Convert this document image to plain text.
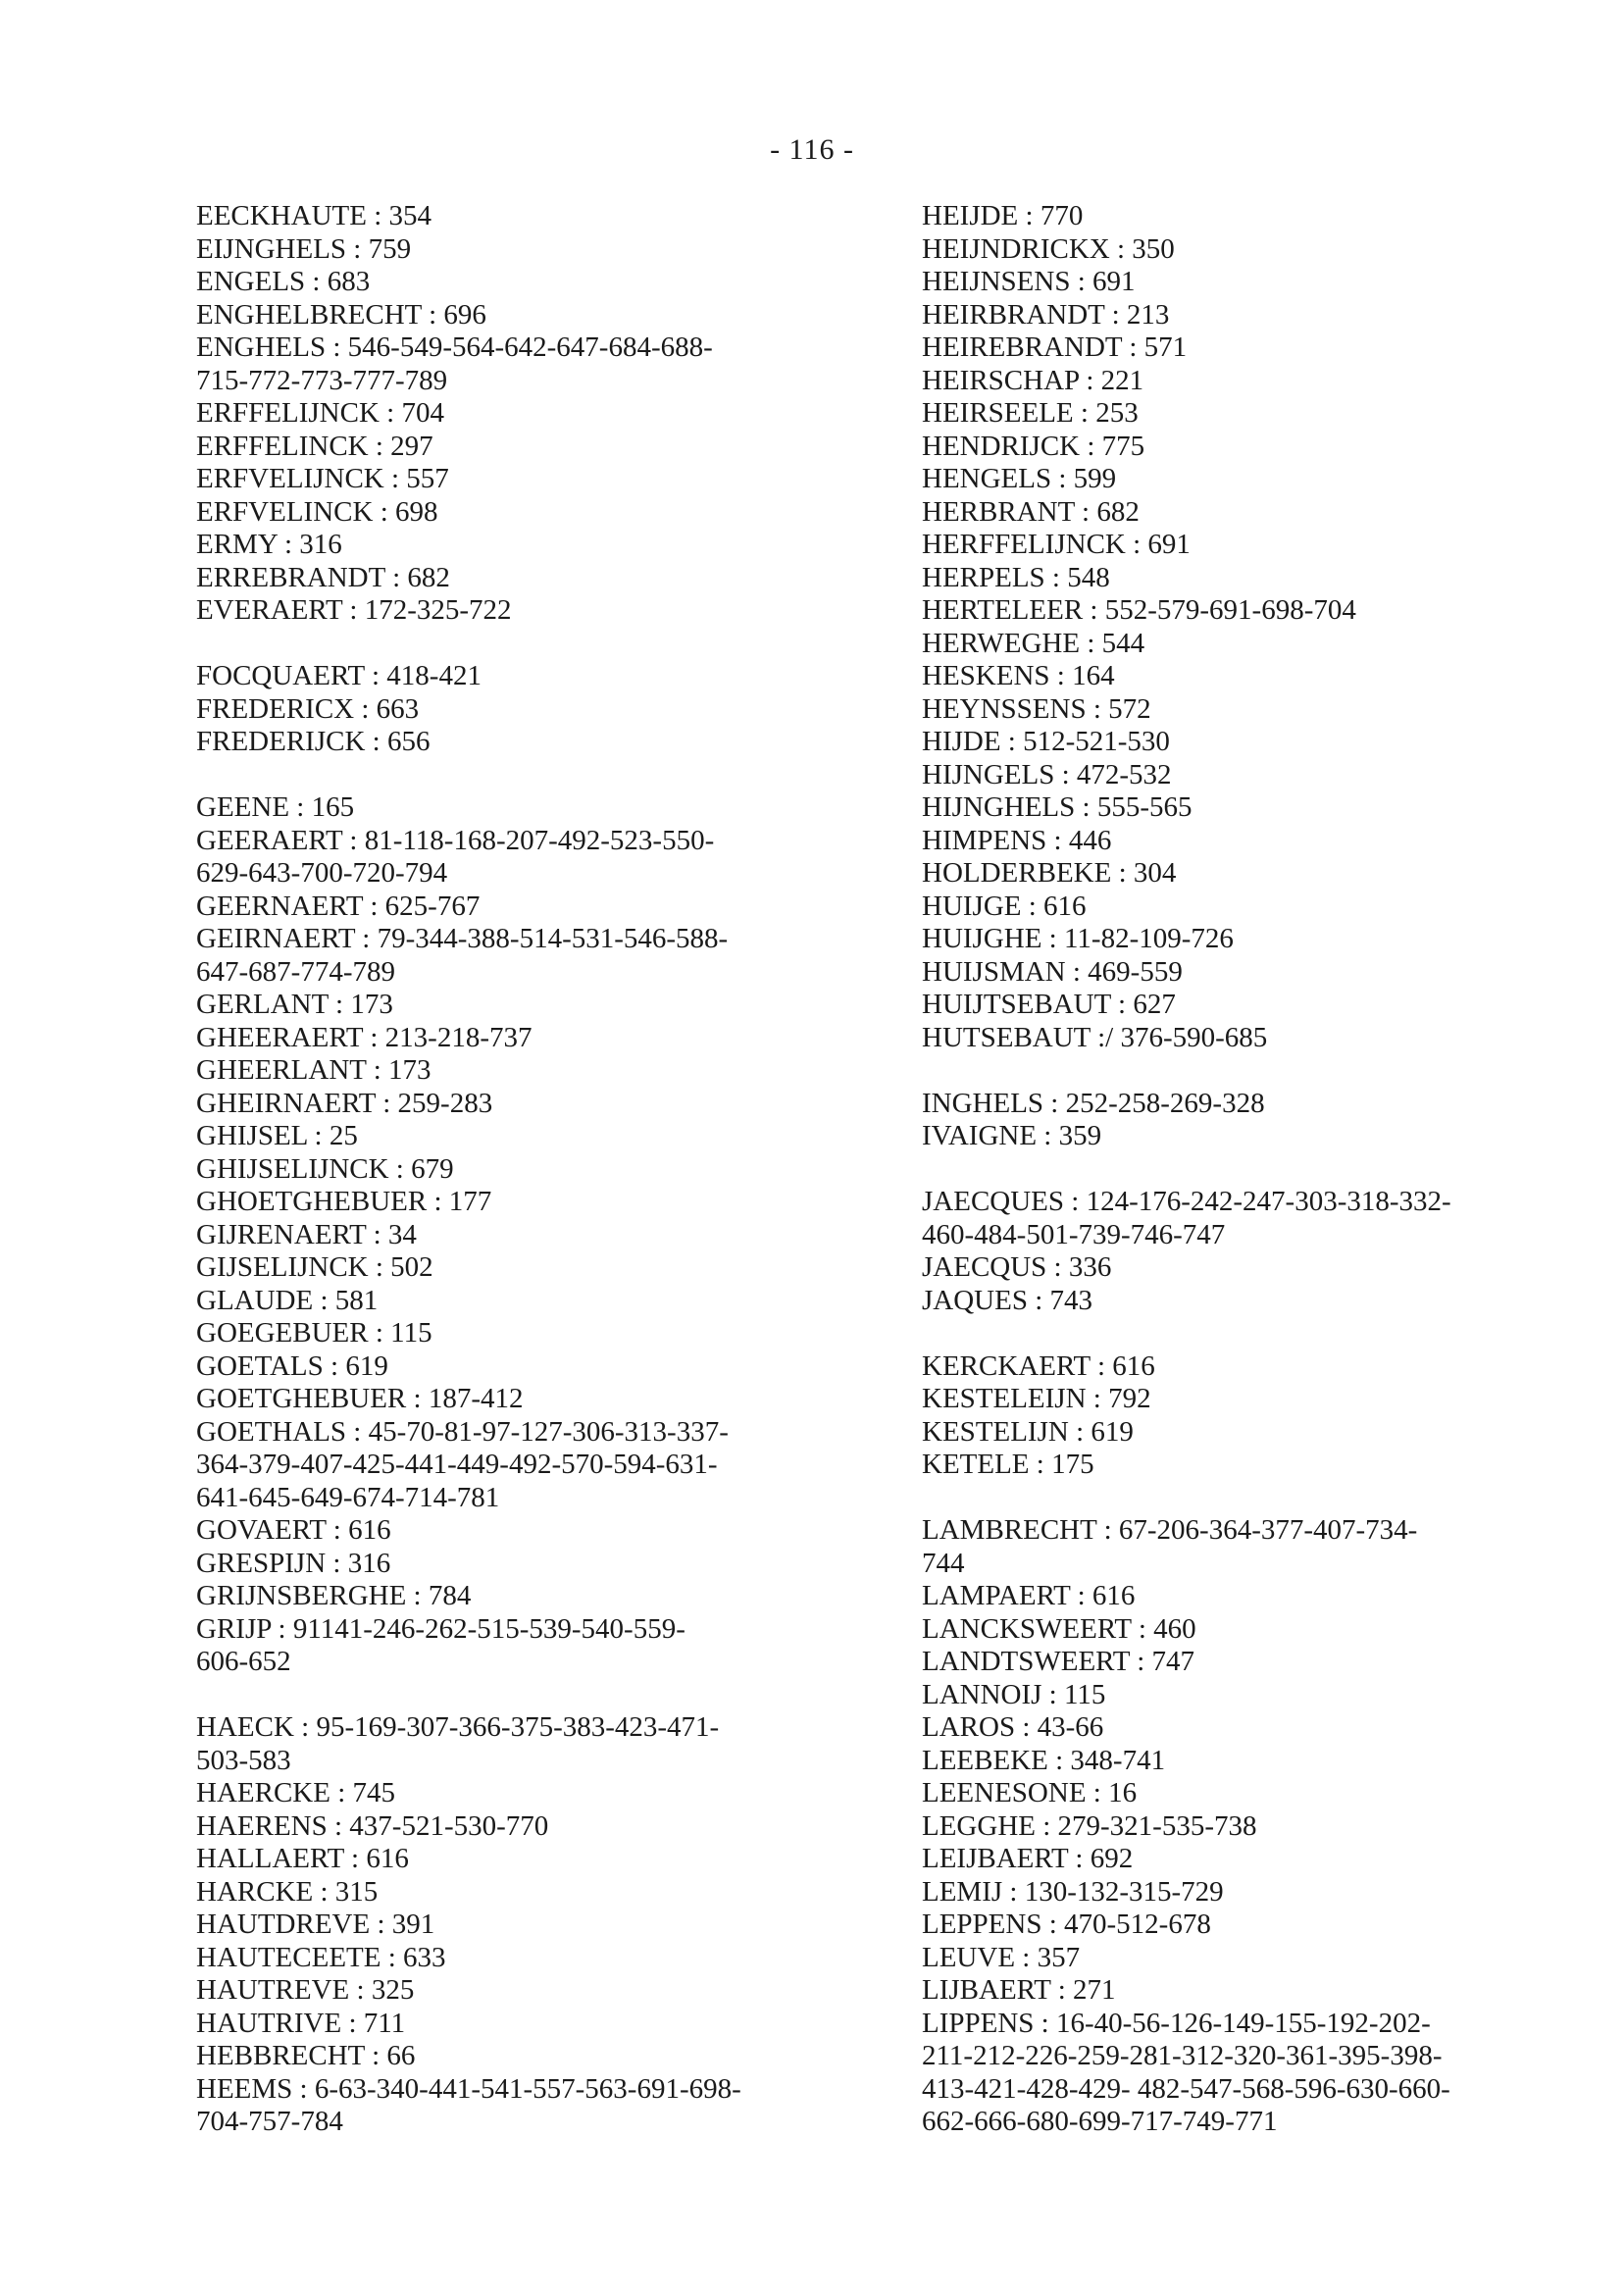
- 116 -
EECKHAUTE : 354
EIJNGHELS : 759
ENGELS : 683
ENGHELBRECHT : 696
ENGHELS : 546-549-564-642-647-684-688-
715-772-773-777-789
ERFFELIJNCK : 704
ERFFELINCK : 297
ERFVELIJNCK : 557
ERFVELINCK : 698
ERMY : 316
ERREBRANDT : 682
EVERAERT : 172-325-722
FOCQUAERT : 418-421
FREDERICX : 663
FREDERIJCK : 656
GEENE : 165
GEERAERT : 81-118-168-207-492-523-550-
629-643-700-720-794
GEERNAERT : 625-767
GEIRNAERT : 79-344-388-514-531-546-588-
647-687-774-789
GERLANT : 173
GHEERAERT : 213-218-737
GHEERLANT : 173
GHEIRNAERT : 259-283
GHIJSEL : 25
GHIJSELIJNCK : 679
GHOETGHEBUER : 177
GIJRENAERT : 34
GIJSELIJNCK : 502
GLAUDE : 581
GOEGEBUER : 115
GOETALS : 619
GOETGHEBUER : 187-412
GOETHALS : 45-70-81-97-127-306-313-337-
364-379-407-425-441-449-492-570-594-631-
641-645-649-674-714-781
GOVAERT : 616
GRESPIJN : 316
GRIJNSBERGHE : 784
GRIJP : 91141-246-262-515-539-540-559-
606-652
HAECK : 95-169-307-366-375-383-423-471-
503-583
HAERCKE : 745
HAERENS : 437-521-530-770
HALLAERT : 616
HARCKE : 315
HAUTDREVE : 391
HAUTECEETE : 633
HAUTREVE : 325
HAUTRIVE : 711
HEBBRECHT : 66
HEEMS : 6-63-340-441-541-557-563-691-698-
704-757-784
HEIJDE : 770
HEIJNDRICKX : 350
HEIJNSENS : 691
HEIRBRANDT : 213
HEIREBRANDT : 571
HEIRSCHAP : 221
HEIRSEELE : 253
HENDRIJCK : 775
HENGELS : 599
HERBRANT : 682
HERFFELIJNCK : 691
HERPELS : 548
HERTELEER : 552-579-691-698-704
HERWEGHE : 544
HESKENS : 164
HEYNSSENS : 572
HIJDE : 512-521-530
HIJNGELS : 472-532
HIJNGHELS : 555-565
HIMPENS : 446
HOLDERBEKE : 304
HUIJGE : 616
HUIJGHE : 11-82-109-726
HUIJSMAN : 469-559
HUIJTSEBAUT : 627
HUTSEBAUT :/ 376-590-685
INGHELS : 252-258-269-328
IVAIGNE : 359
JAECQUES : 124-176-242-247-303-318-332-
460-484-501-739-746-747
JAECQUS : 336
JAQUES : 743
KERCKAERT : 616
KESTELEIJN : 792
KESTELIJN : 619
KETELE : 175
LAMBRECHT : 67-206-364-377-407-734-
744
LAMPAERT : 616
LANCKSWEERT : 460
LANDTSWEERT : 747
LANNOIJ : 115
LAROS : 43-66
LEEBEKE : 348-741
LEENESONE : 16
LEGGHE : 279-321-535-738
LEIJBAERT : 692
LEMIJ : 130-132-315-729
LEPPENS : 470-512-678
LEUVE : 357
LIJBAERT : 271
LIPPENS : 16-40-56-126-149-155-192-202-
211-212-226-259-281-312-320-361-395-398-
413-421-428-429- 482-547-568-596-630-660-
662-666-680-699-717-749-771
